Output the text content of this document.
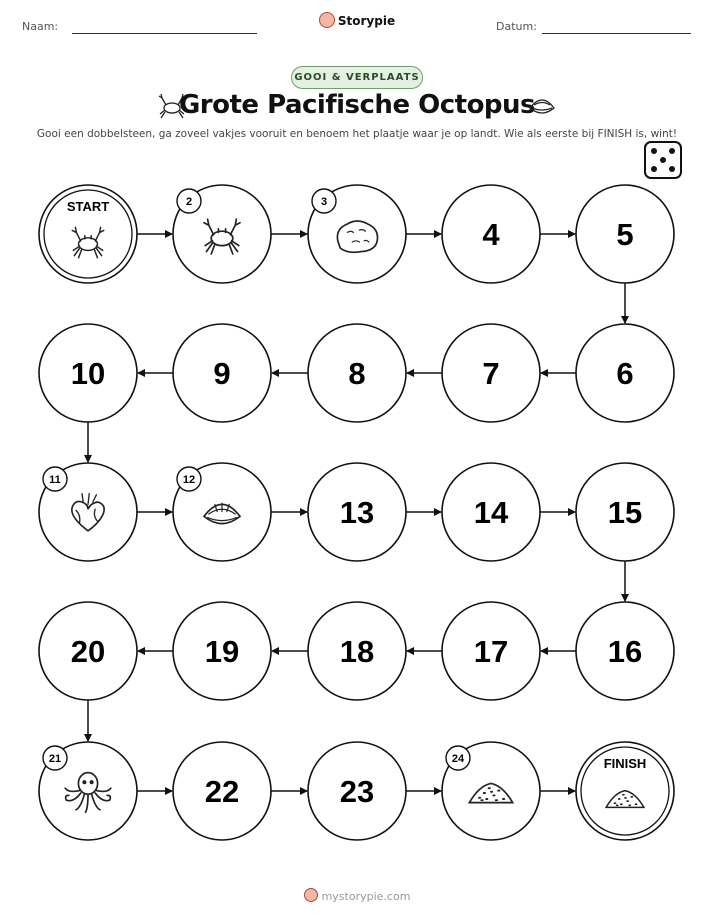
Naam:	Storypie	Datum:
GOOI & VERPLAATS
Grote Pacifische Octopus
Gooi een dobbelsteen, ga zoveel vakjes vooruit en benoem het plaatje waar je op landt. Wie als eerste bij FINISH is, wint!
START	2	3
4	5
6
7
8
9
10
11	12
13	14	15
16
17
18
19
20
21
22	23
24	FINISH
mystorypie.com
